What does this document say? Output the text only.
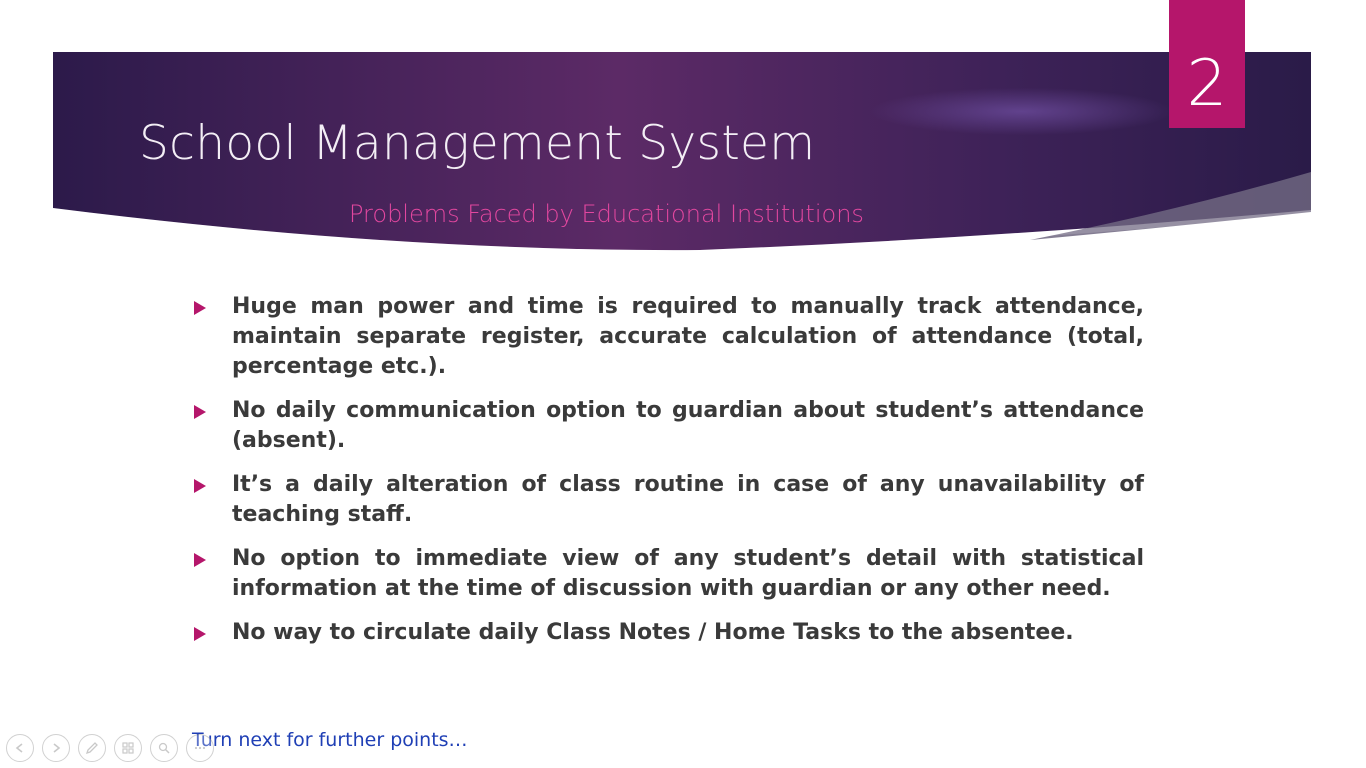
2
School Management System
Problems Faced by Educational Institutions
Huge man power and time is required to manually track attendance, maintain separate register, accurate calculation of attendance (total, percentage etc.).
No daily communication option to guardian about student’s attendance (absent).
It’s a daily alteration of class routine in case of any unavailability of teaching staff.
No option to immediate view of any student’s detail with statistical information at the time of discussion with guardian or any other need.
No way to circulate daily Class Notes / Home Tasks to the absentee.
Turn next for further points…
